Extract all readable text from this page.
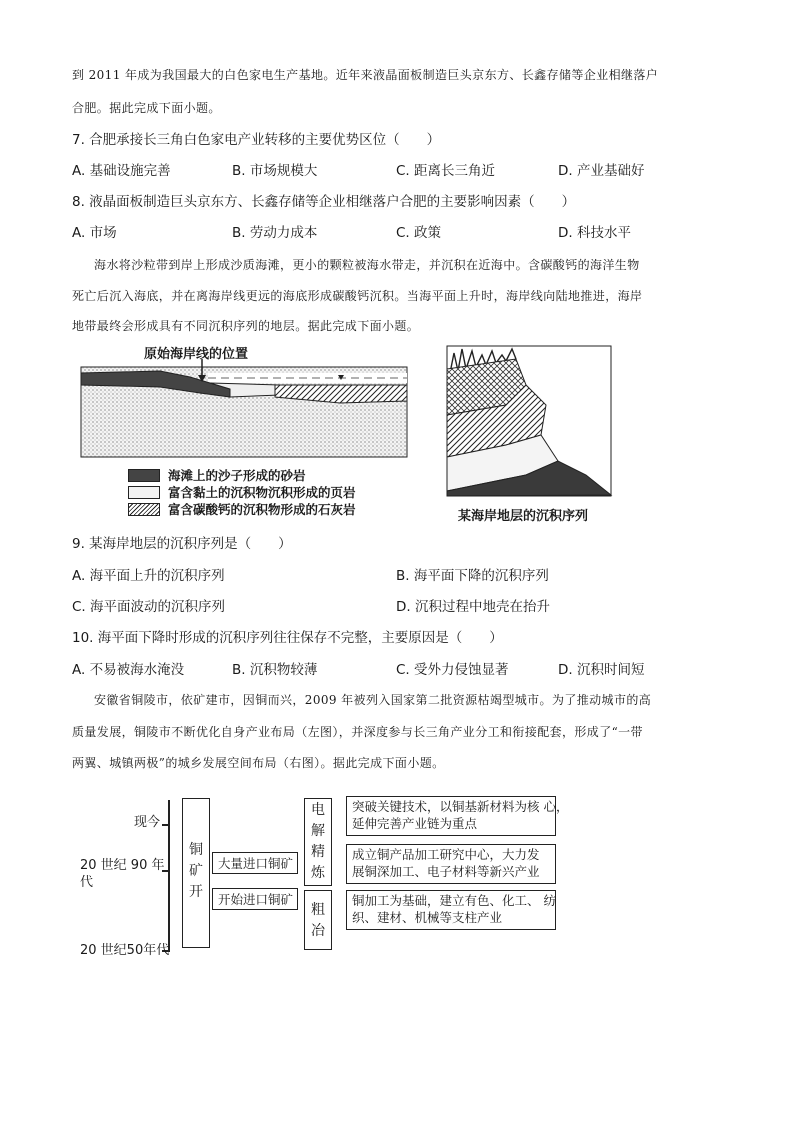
到 2011 年成为我国最大的白色家电生产基地。近年来液晶面板制造巨头京东方、长鑫存储等企业相继落户
合肥。据此完成下面小题。
7. 合肥承接长三角白色家电产业转移的主要优势区位（　　）
A. 基础设施完善	B. 市场规模大	C. 距离长三角近	D. 产业基础好
8. 液晶面板制造巨头京东方、长鑫存储等企业相继落户合肥的主要影响因素（　　）
A. 市场	B. 劳动力成本	C. 政策	D. 科技水平
海水将沙粒带到岸上形成沙质海滩，更小的颗粒被海水带走，并沉积在近海中。含碳酸钙的海洋生物
死亡后沉入海底，并在离海岸线更远的海底形成碳酸钙沉积。当海平面上升时，海岸线向陆地推进，海岸
地带最终会形成具有不同沉积序列的地层。据此完成下面小题。
原始海岸线的位置
海滩上的沙子形成的砂岩
富含黏土的沉积物沉积形成的页岩
富含碳酸钙的沉积物形成的石灰岩	某海岸地层的沉积序列
9. 某海岸地层的沉积序列是（　　）
A. 海平面上升的沉积序列	B. 海平面下降的沉积序列
C. 海平面波动的沉积序列	D. 沉积过程中地壳在抬升
10. 海平面下降时形成的沉积序列往往保存不完整，主要原因是（　　）
A. 不易被海水淹没	B. 沉积物较薄	C. 受外力侵蚀显著	D. 沉积时间短
安徽省铜陵市，依矿建市，因铜而兴，2009 年被列入国家第二批资源枯竭型城市。为了推动城市的高
质量发展，铜陵市不断优化自身产业布局（左图），并深度参与长三角产业分工和衔接配套，形成了“一带
两翼、城镇两极”的城乡发展空间布局（右图）。据此完成下面小题。
现今
20 世纪 90 年
代
20 世纪50年代
铜矿开
大量进口铜矿
开始进口铜矿
电解精炼
粗冶
突破关键技术，以铜基新材料为核 心，
延伸完善产业链为重点
成立铜产品加工研究中心，大力发
展铜深加工、电子材料等新兴产业
铜加工为基础，建立有色、化工、 纺
织、建材、机械等支柱产业
